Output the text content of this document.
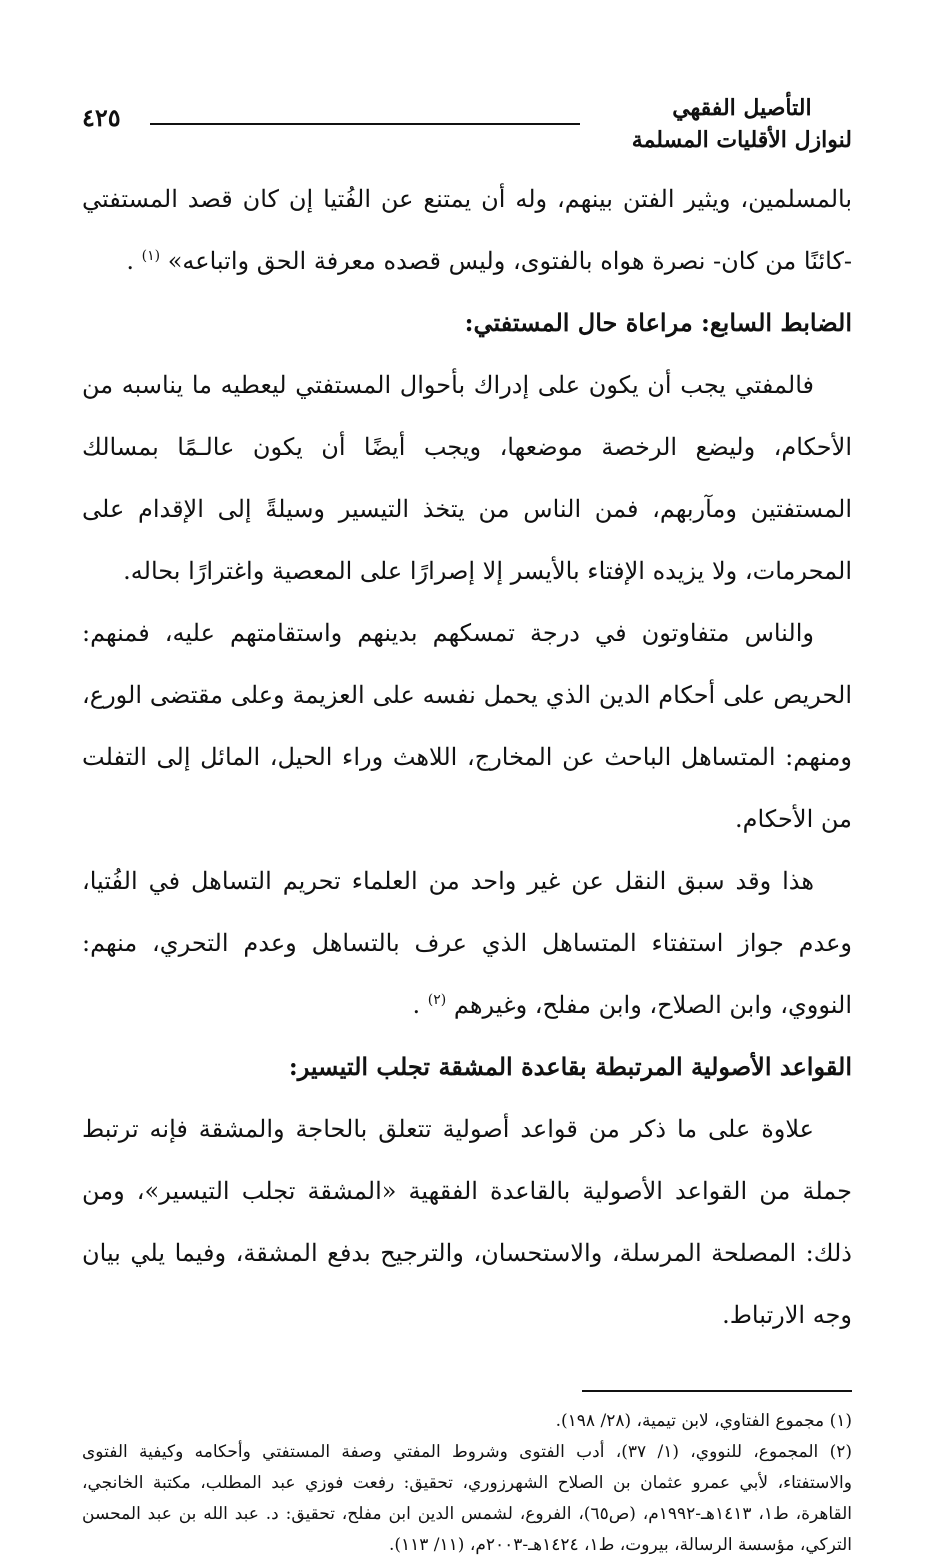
التأصيل الفقهي
لنوازل الأقليات المسلمة
٤٢٥

بالمسلمين، ويثير الفتن بينهم، وله أن يمتنع عن الفُتيا إن كان قصد المستفتي -كائنًا من كان- نصرة هواه بالفتوى، وليس قصده معرفة الحق واتباعه» $^{(١)}$ .

الضابط السابع: مراعاة حال المستفتي:

فالمفتي يجب أن يكون على إدراك بأحوال المستفتي ليعطيه ما يناسبه من الأحكام، وليضع الرخصة موضعها، ويجب أيضًا أن يكون عالـمًا بمسالك المستفتين ومآربهم، فمن الناس من يتخذ التيسير وسيلةً إلى الإقدام على المحرمات، ولا يزيده الإفتاء بالأيسر إلا إصرارًا على المعصية واغترارًا بحاله.

والناس متفاوتون في درجة تمسكهم بدينهم واستقامتهم عليه، فمنهم: الحريص على أحكام الدين الذي يحمل نفسه على العزيمة وعلى مقتضى الورع، ومنهم: المتساهل الباحث عن المخارج، اللاهث وراء الحيل، المائل إلى التفلت من الأحكام.

هذا وقد سبق النقل عن غير واحد من العلماء تحريم التساهل في الفُتيا، وعدم جواز استفتاء المتساهل الذي عرف بالتساهل وعدم التحري، منهم: النووي، وابن الصلاح، وابن مفلح، وغيرهم $^{(٢)}$ .

القواعد الأصولية المرتبطة بقاعدة المشقة تجلب التيسير:

علاوة على ما ذكر من قواعد أصولية تتعلق بالحاجة والمشقة فإنه ترتبط جملة من القواعد الأصولية بالقاعدة الفقهية «المشقة تجلب التيسير»، ومن ذلك: المصلحة المرسلة، والاستحسان، والترجيح بدفع المشقة، وفيما يلي بيان وجه الارتباط.

(١) مجموع الفتاوي، لابن تيمية، (٢٨/ ١٩٨).

(٢) المجموع، للنووي، (١/ ٣٧)، أدب الفتوى وشروط المفتي وصفة المستفتي وأحكامه وكيفية الفتوى والاستفتاء، لأبي عمرو عثمان بن الصلاح الشهرزوري، تحقيق: رفعت فوزي عبد المطلب، مكتبة الخانجي، القاهرة، ط١، ١٤١٣هـ-١٩٩٢م، (ص٦٥)، الفروع، لشمس الدين ابن مفلح، تحقيق: د. عبد الله بن عبد المحسن التركي، مؤسسة الرسالة، بيروت، ط١، ١٤٢٤هـ-٢٠٠٣م، (١١/ ١١٣).
